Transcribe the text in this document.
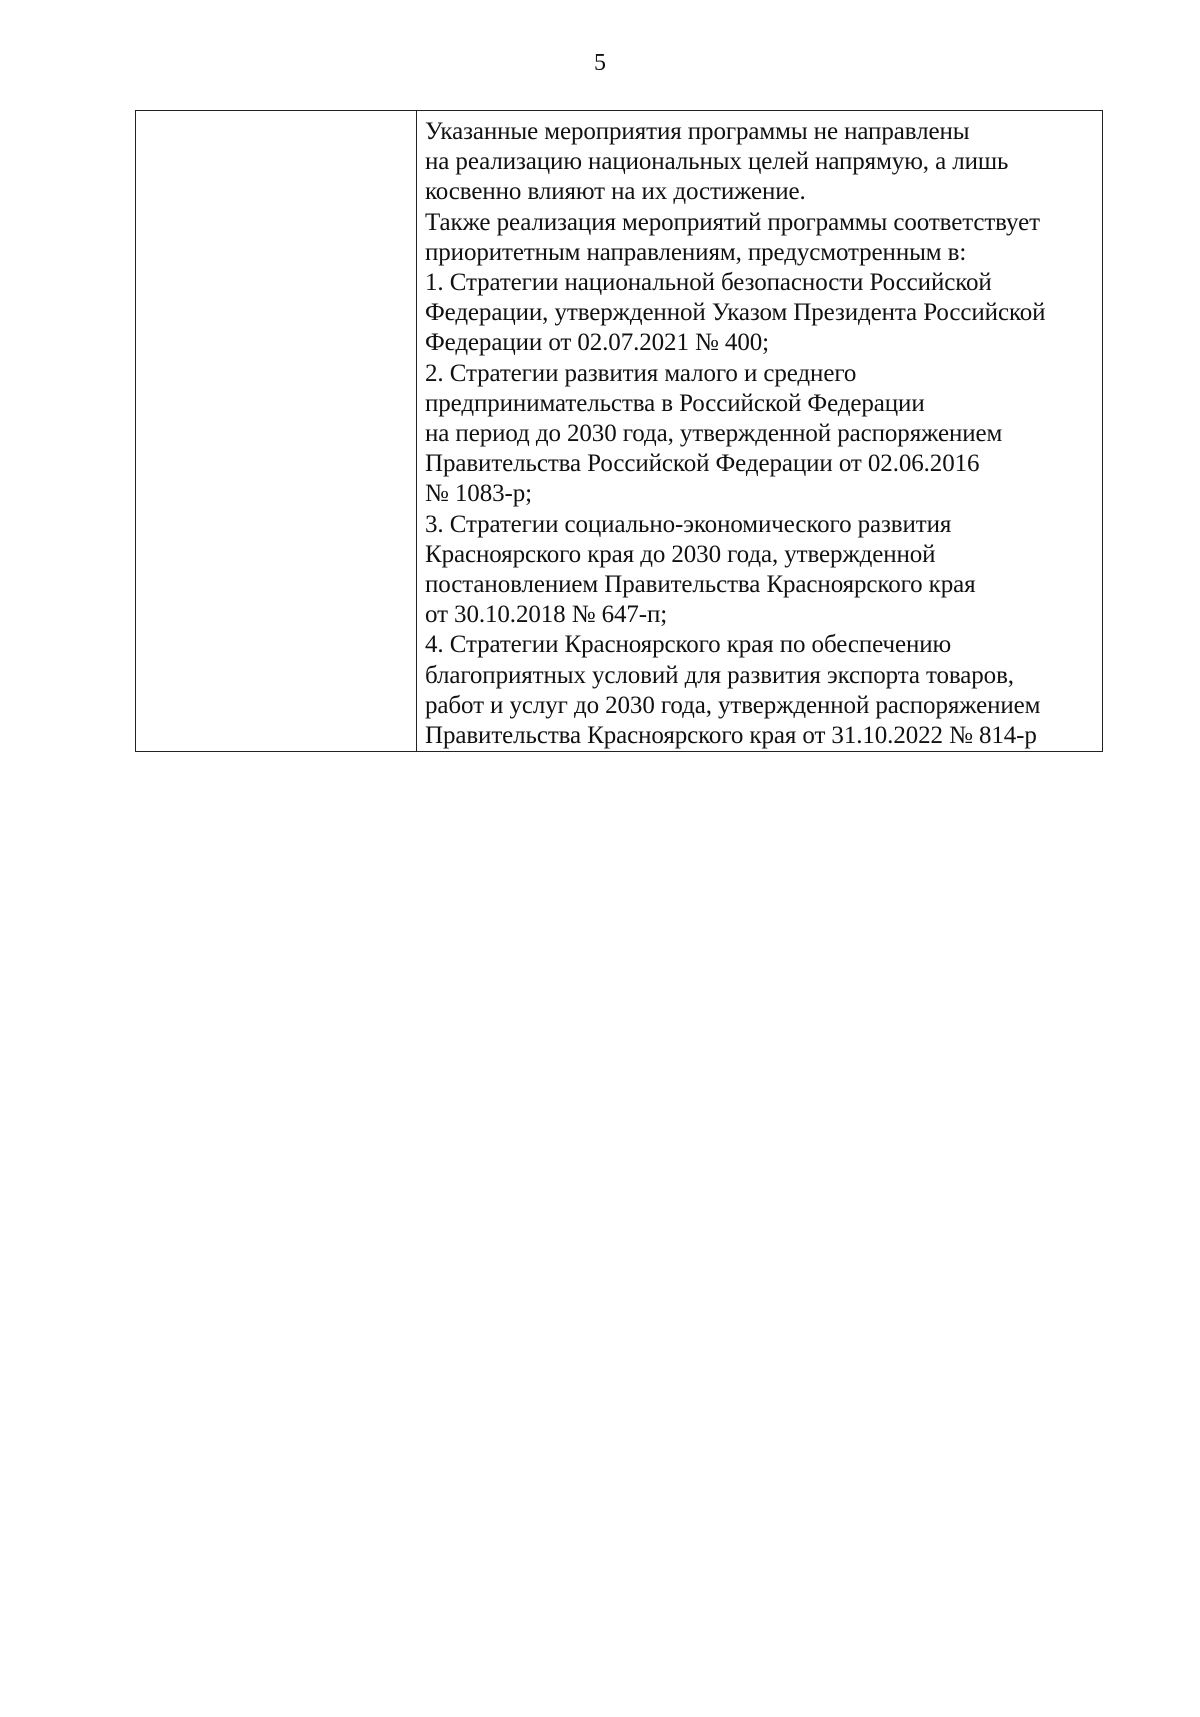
5

Указанные мероприятия программы не направлены
на реализацию национальных целей напрямую, а лишь
косвенно влияют на их достижение.
Также реализация мероприятий программы соответствует
приоритетным направлениям, предусмотренным в:
1. Стратегии национальной безопасности Российской
Федерации, утвержденной Указом Президента Российской
Федерации от 02.07.2021 № 400;
2. Стратегии развития малого и среднего
предпринимательства в Российской Федерации
на период до 2030 года, утвержденной распоряжением
Правительства Российской Федерации от 02.06.2016
№ 1083-р;
3. Стратегии социально-экономического развития
Красноярского края до 2030 года, утвержденной
постановлением Правительства Красноярского края
от 30.10.2018 № 647-п;
4. Стратегии Красноярского края по обеспечению
благоприятных условий для развития экспорта товаров,
работ и услуг до 2030 года, утвержденной распоряжением
Правительства Красноярского края от 31.10.2022 № 814-р
